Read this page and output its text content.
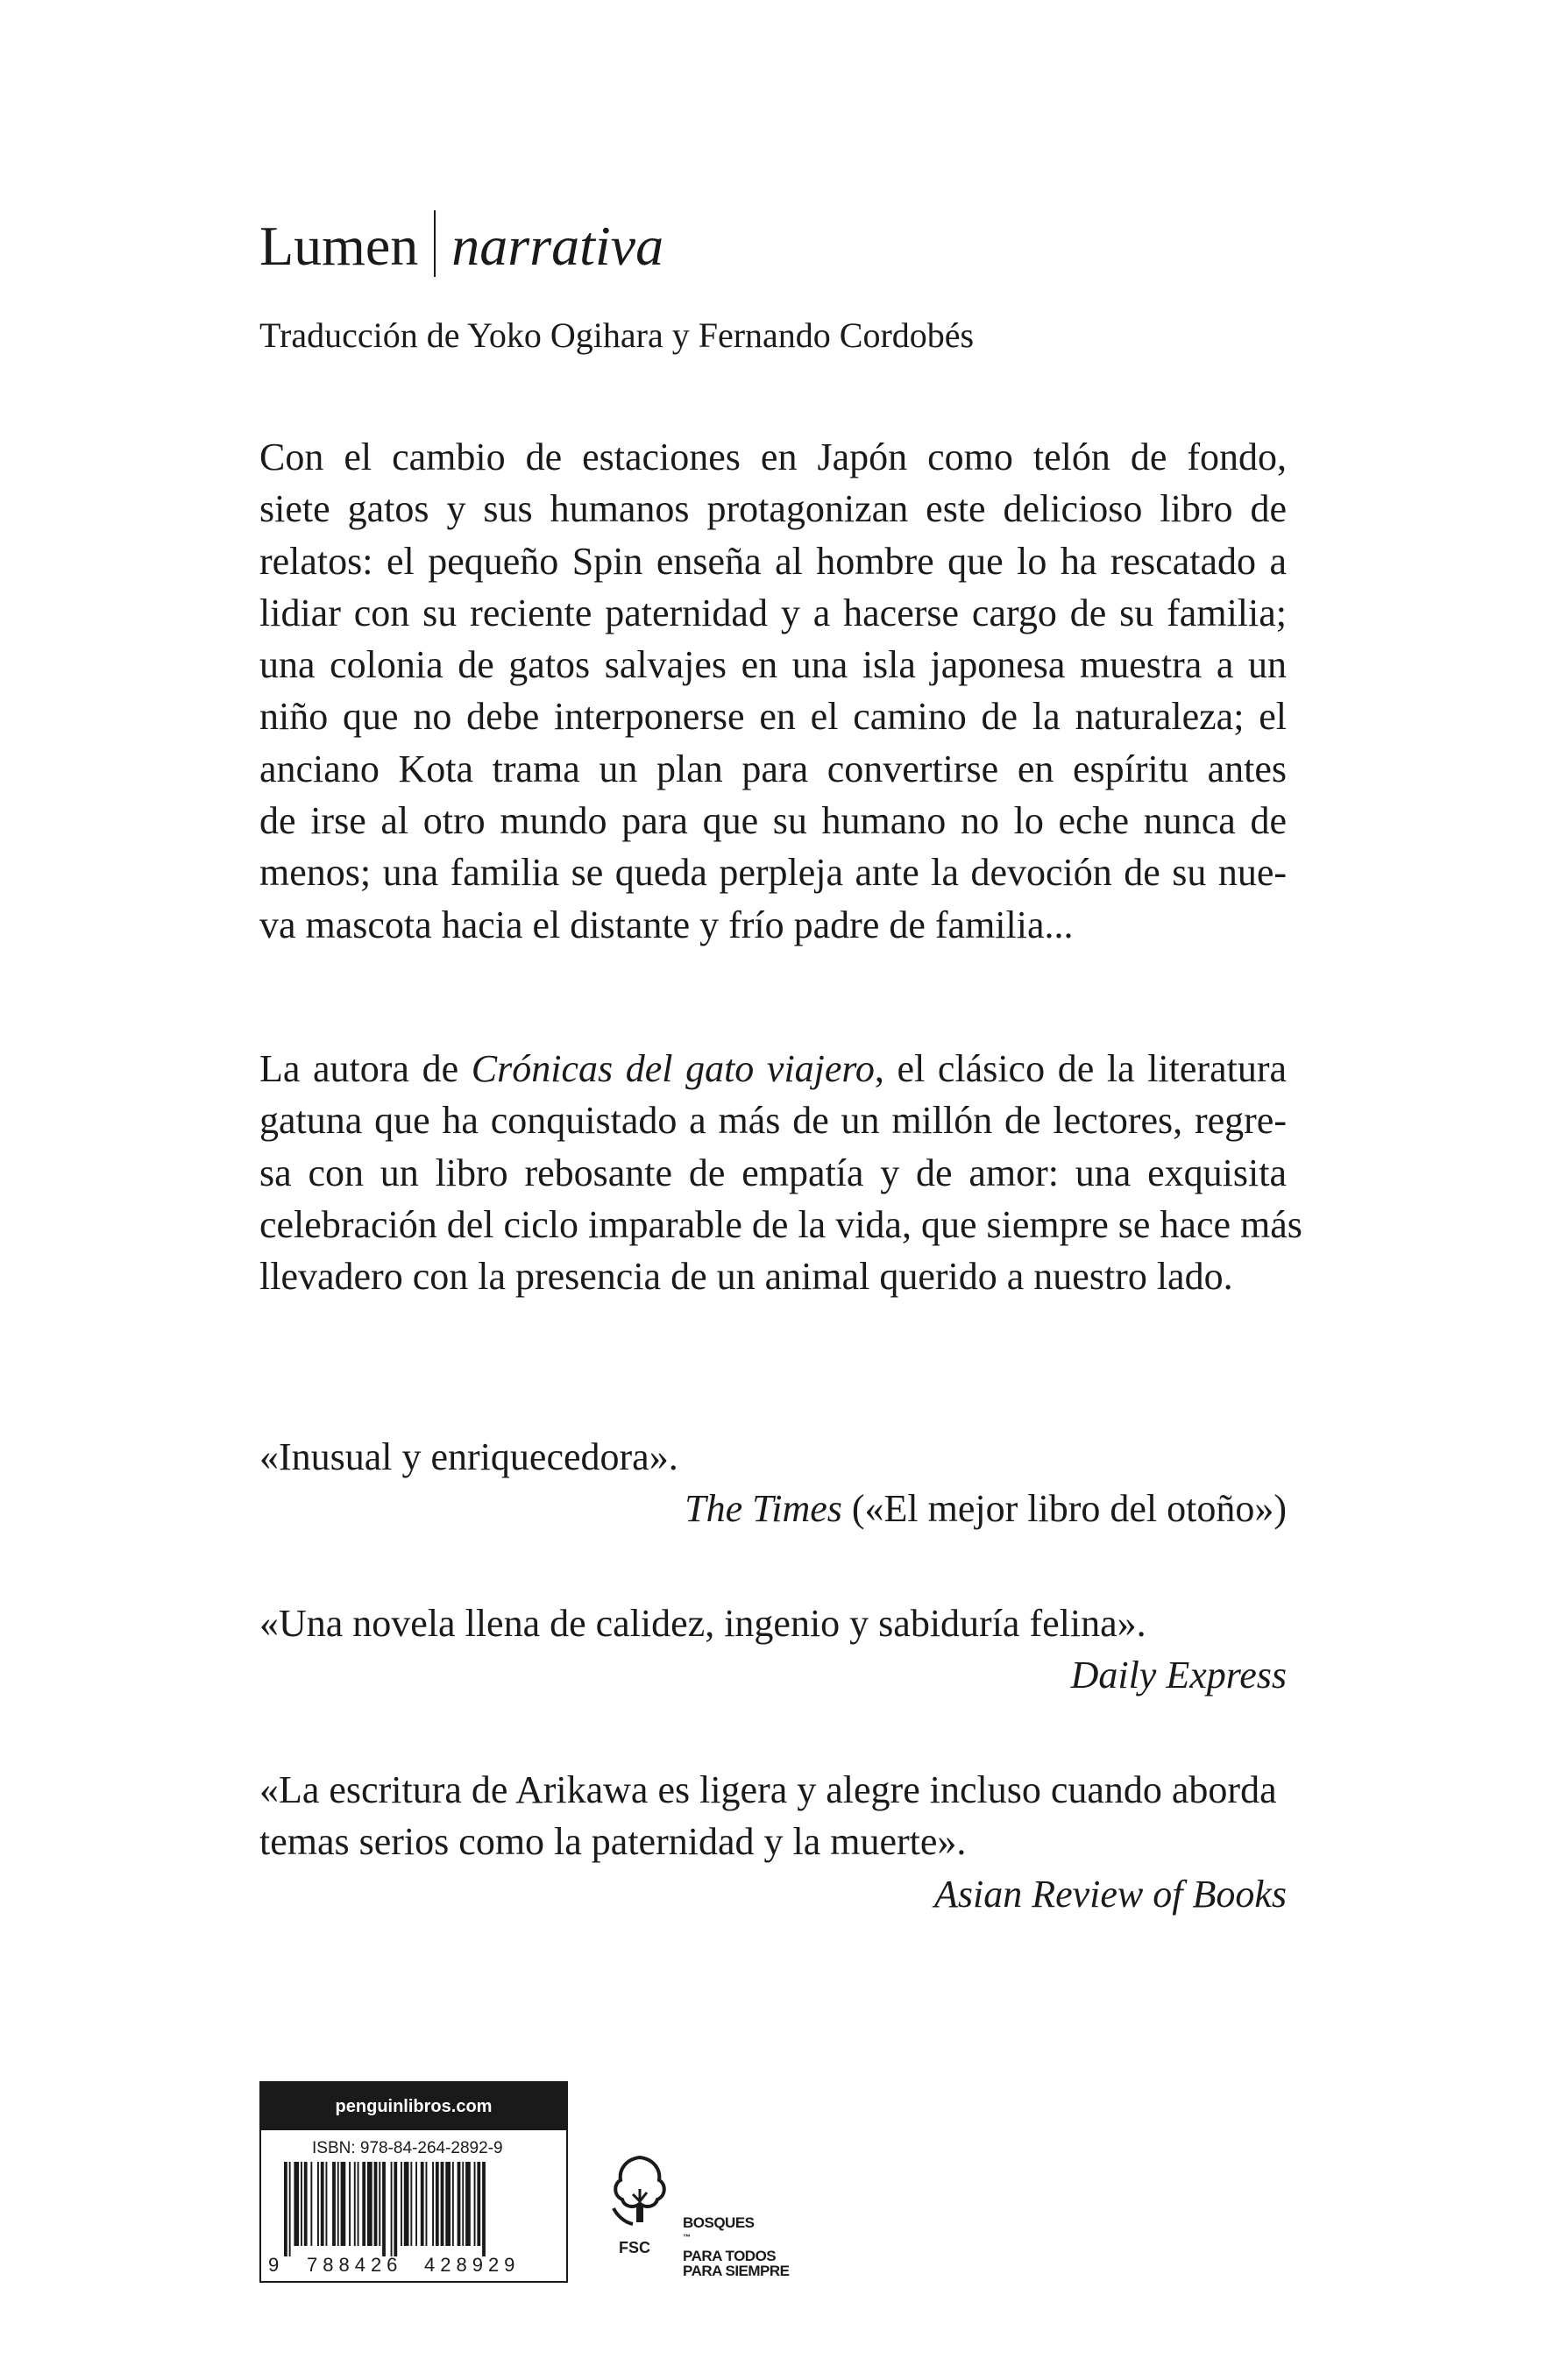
Lumen narrativa
Traducción de Yoko Ogihara y Fernando Cordobés
Con el cambio de estaciones en Japón como telón de fondo,
siete gatos y sus humanos protagonizan este delicioso libro de
relatos: el pequeño Spin enseña al hombre que lo ha rescatado a
lidiar con su reciente paternidad y a hacerse cargo de su familia;
una colonia de gatos salvajes en una isla japonesa muestra a un
niño que no debe interponerse en el camino de la naturaleza; el
anciano Kota trama un plan para convertirse en espíritu antes
de irse al otro mundo para que su humano no lo eche nunca de
menos; una familia se queda perpleja ante la devoción de su nue-
va mascota hacia el distante y frío padre de familia...
La autora de Crónicas del gato viajero, el clásico de la literatura
gatuna que ha conquistado a más de un millón de lectores, regre-
sa con un libro rebosante de empatía y de amor: una exquisita
celebración del ciclo imparable de la vida, que siempre se hace más
llevadero con la presencia de un animal querido a nuestro lado.
«Inusual y enriquecedora».
The Times («El mejor libro del otoño»)
«Una novela llena de calidez, ingenio y sabiduría felina».
Daily Express
«La escritura de Arikawa es ligera y alegre incluso cuando aborda
temas serios como la paternidad y la muerte».
Asian Review of Books
penguinlibros.com
ISBN: 978-84-264-2892-9
9 788426 428929
FSC
BOSQUES
™
PARA TODOS
PARA SIEMPRE
